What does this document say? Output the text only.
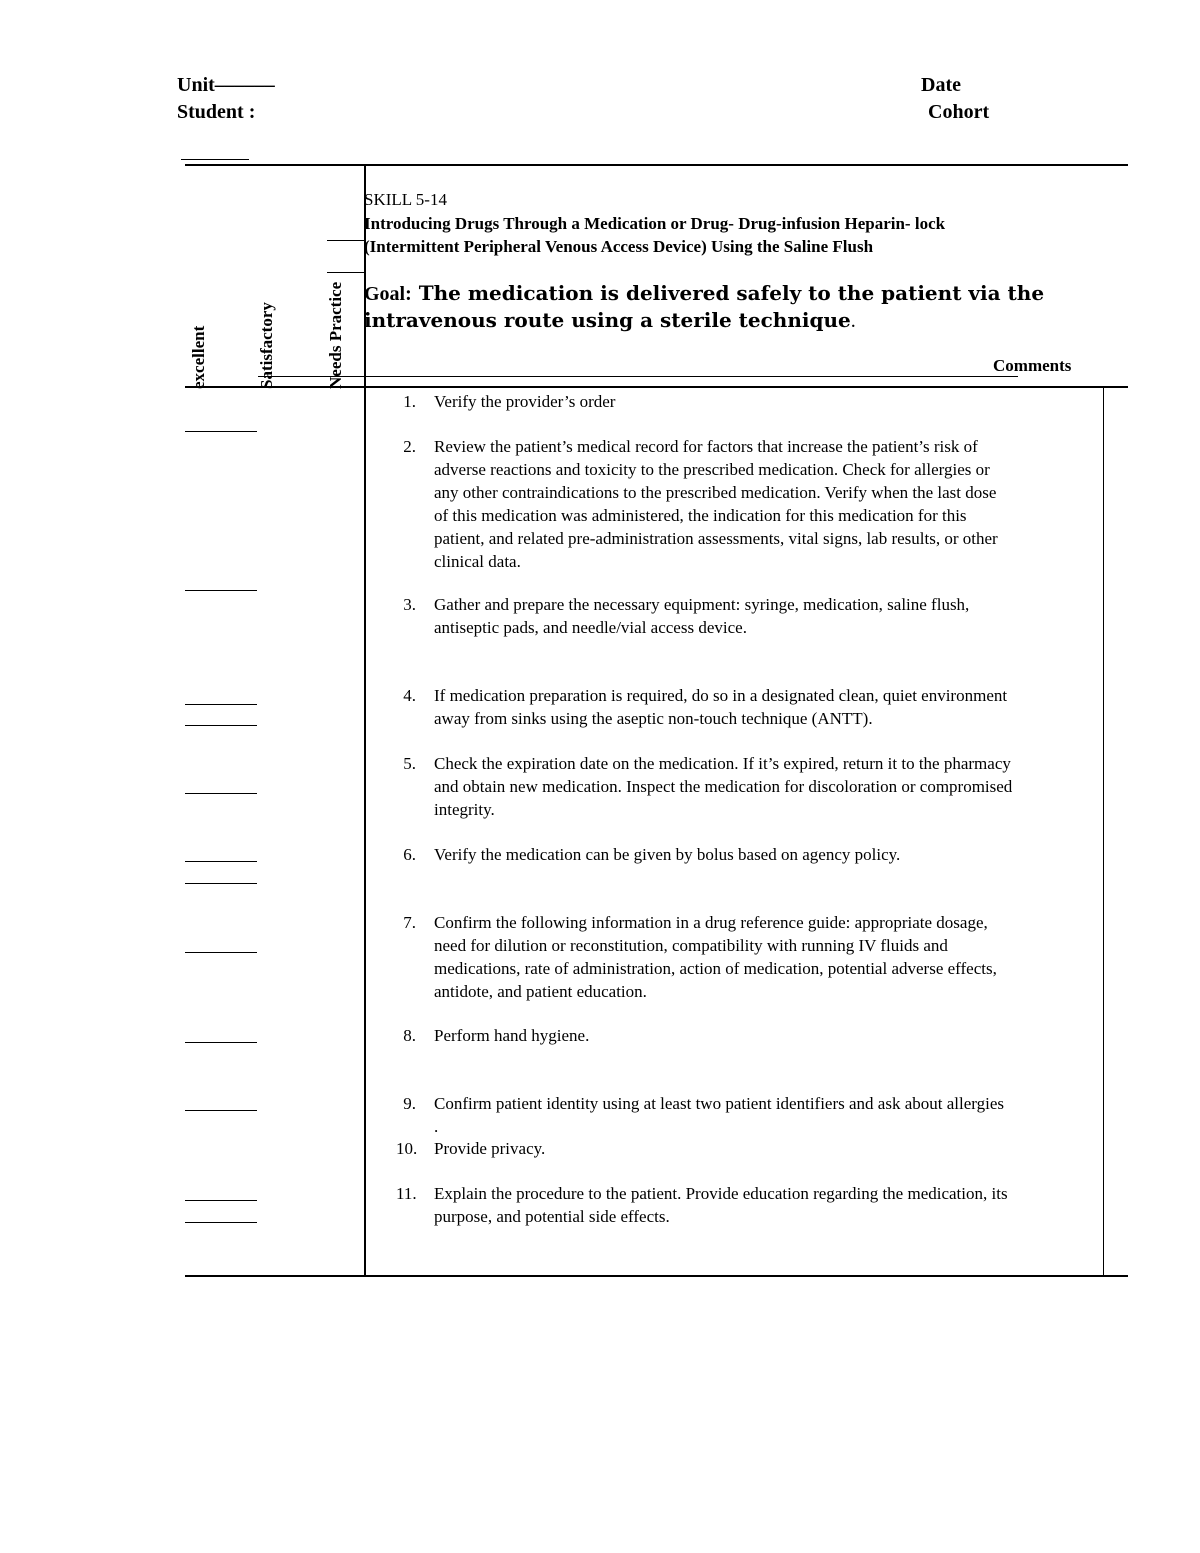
Unit––––––
Student :
Date
Cohort
excellent	Satisfactory	Needs Practice
SKILL 5-14
Introducing Drugs Through a Medication or Drug- Drug-infusion Heparin- lock
(Intermittent Peripheral Venous Access Device) Using the Saline Flush
Goal: The medication is delivered safely to the patient via the
intravenous route using a sterile technique.
Comments
1. Verify the provider’s order
2. Review the patient’s medical record for factors that increase the patient’s risk of
adverse reactions and toxicity to the prescribed medication. Check for allergies or
any other contraindications to the prescribed medication. Verify when the last dose
of this medication was administered, the indication for this medication for this
patient, and related pre-administration assessments, vital signs, lab results, or other
clinical data.
3. Gather and prepare the necessary equipment: syringe, medication, saline flush,
antiseptic pads, and needle/vial access device.
4. If medication preparation is required, do so in a designated clean, quiet environment
away from sinks using the aseptic non-touch technique (ANTT).
5. Check the expiration date on the medication. If it’s expired, return it to the pharmacy
and obtain new medication. Inspect the medication for discoloration or compromised
integrity.
6. Verify the medication can be given by bolus based on agency policy.
7. Confirm the following information in a drug reference guide: appropriate dosage,
need for dilution or reconstitution, compatibility with running IV fluids and
medications, rate of administration, action of medication, potential adverse effects,
antidote, and patient education.
8. Perform hand hygiene.
9. Confirm patient identity using at least two patient identifiers and ask about allergies
.
10. Provide privacy.
11. Explain the procedure to the patient. Provide education regarding the medication, its
purpose, and potential side effects.
